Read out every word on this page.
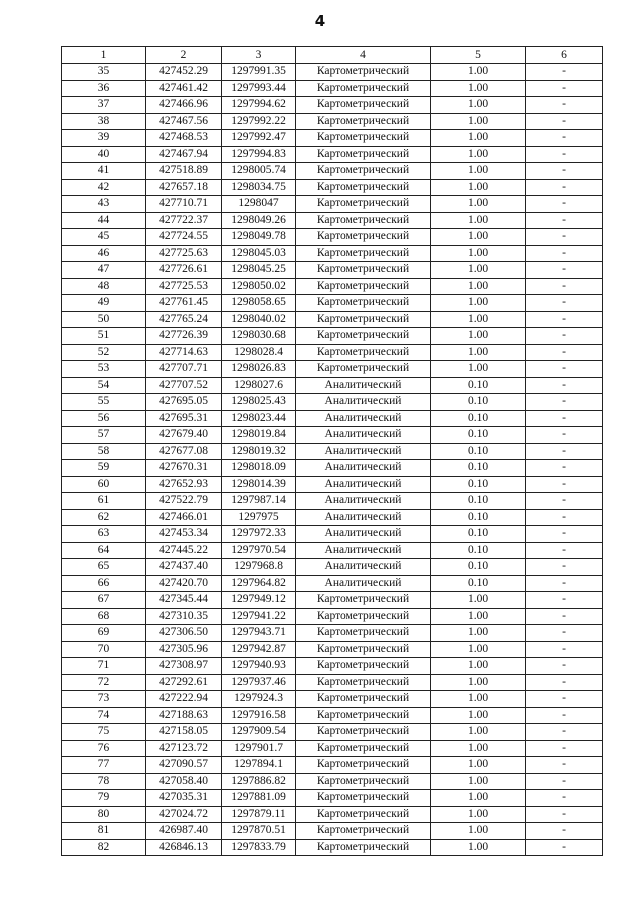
4
1	2	3	4	5	6
35	427452.29	1297991.35	Картометрический	1.00	-
36	427461.42	1297993.44	Картометрический	1.00	-
37	427466.96	1297994.62	Картометрический	1.00	-
38	427467.56	1297992.22	Картометрический	1.00	-
39	427468.53	1297992.47	Картометрический	1.00	-
40	427467.94	1297994.83	Картометрический	1.00	-
41	427518.89	1298005.74	Картометрический	1.00	-
42	427657.18	1298034.75	Картометрический	1.00	-
43	427710.71	1298047	Картометрический	1.00	-
44	427722.37	1298049.26	Картометрический	1.00	-
45	427724.55	1298049.78	Картометрический	1.00	-
46	427725.63	1298045.03	Картометрический	1.00	-
47	427726.61	1298045.25	Картометрический	1.00	-
48	427725.53	1298050.02	Картометрический	1.00	-
49	427761.45	1298058.65	Картометрический	1.00	-
50	427765.24	1298040.02	Картометрический	1.00	-
51	427726.39	1298030.68	Картометрический	1.00	-
52	427714.63	1298028.4	Картометрический	1.00	-
53	427707.71	1298026.83	Картометрический	1.00	-
54	427707.52	1298027.6	Аналитический	0.10	-
55	427695.05	1298025.43	Аналитический	0.10	-
56	427695.31	1298023.44	Аналитический	0.10	-
57	427679.40	1298019.84	Аналитический	0.10	-
58	427677.08	1298019.32	Аналитический	0.10	-
59	427670.31	1298018.09	Аналитический	0.10	-
60	427652.93	1298014.39	Аналитический	0.10	-
61	427522.79	1297987.14	Аналитический	0.10	-
62	427466.01	1297975	Аналитический	0.10	-
63	427453.34	1297972.33	Аналитический	0.10	-
64	427445.22	1297970.54	Аналитический	0.10	-
65	427437.40	1297968.8	Аналитический	0.10	-
66	427420.70	1297964.82	Аналитический	0.10	-
67	427345.44	1297949.12	Картометрический	1.00	-
68	427310.35	1297941.22	Картометрический	1.00	-
69	427306.50	1297943.71	Картометрический	1.00	-
70	427305.96	1297942.87	Картометрический	1.00	-
71	427308.97	1297940.93	Картометрический	1.00	-
72	427292.61	1297937.46	Картометрический	1.00	-
73	427222.94	1297924.3	Картометрический	1.00	-
74	427188.63	1297916.58	Картометрический	1.00	-
75	427158.05	1297909.54	Картометрический	1.00	-
76	427123.72	1297901.7	Картометрический	1.00	-
77	427090.57	1297894.1	Картометрический	1.00	-
78	427058.40	1297886.82	Картометрический	1.00	-
79	427035.31	1297881.09	Картометрический	1.00	-
80	427024.72	1297879.11	Картометрический	1.00	-
81	426987.40	1297870.51	Картометрический	1.00	-
82	426846.13	1297833.79	Картометрический	1.00	-
